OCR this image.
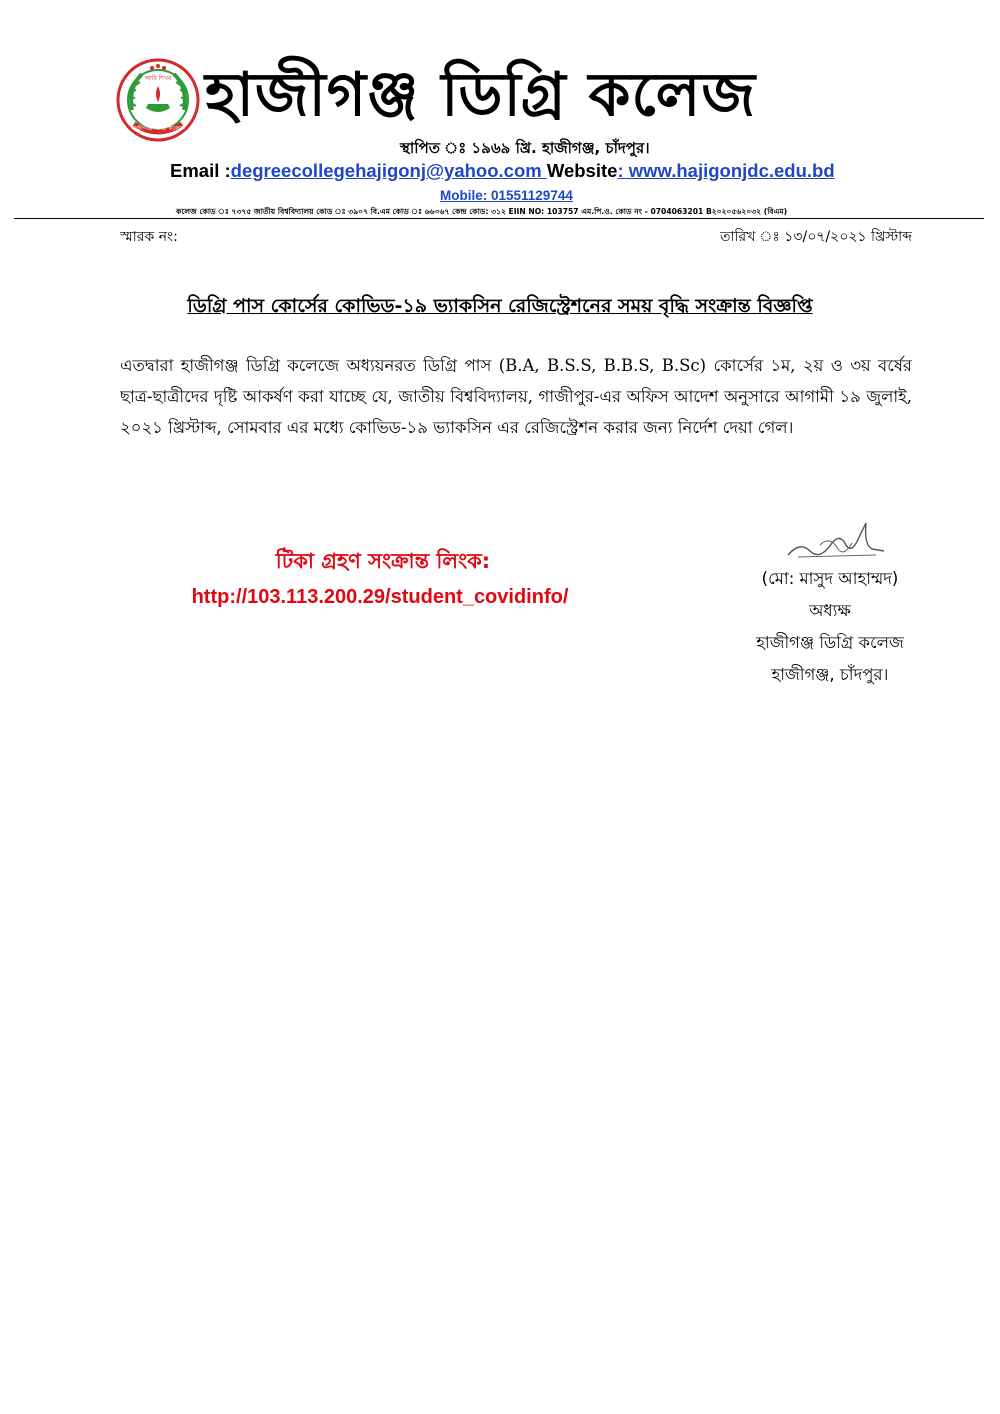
আমি শিখব
হাজীগঞ্জ ডিগ্রি কলেজ হাজীগঞ্জ ডিগ্রি কলেজ
স্থাপিত ঃ ১৯৬৯ খ্রি. হাজীগঞ্জ, চাঁদপুর।
Email :degreecollegehajigonj@yahoo.com Website: www.hajigonjdc.edu.bd
Mobile: 01551129744
কলেজ কোড ঃ ৭৩৭৫ জাতীয় বিশ্ববিদ্যালয় কোড ঃ ৩৯০৭ বি.এম কোড ঃ ৬৬০৬৭ কেন্দ্র কোড: ৩১২ EIIN NO: 103757 এম.পি.ও. কোড নং - 0704063201 B২০২০৫৬২০৩২ (বিএম)
স্মারক নং:	তারিখ ঃ ১৩/০৭/২০২১ খ্রিস্টাব্দ
ডিগ্রি পাস কোর্সের কোভিড-১৯ ভ্যাকসিন রেজিস্ট্রেশনের সময় বৃদ্ধি সংক্রান্ত বিজ্ঞপ্তি

এতদ্বারা হাজীগঞ্জ ডিগ্রি কলেজে অধ্যয়নরত ডিগ্রি পাস (B.A, B.S.S, B.B.S, B.Sc) কোর্সের ১ম, ২য় ও ৩য় বর্ষের ছাত্র-ছাত্রীদের দৃষ্টি আকর্ষণ করা যাচ্ছে যে, জাতীয় বিশ্ববিদ্যালয়, গাজীপুর-এর অফিস আদেশ অনুসারে আগামী ১৯ জুলাই, ২০২১ খ্রিস্টাব্দ, সোমবার এর মধ্যে কোভিড-১৯ ভ্যাকসিন এর রেজিস্ট্রেশন করার জন্য নির্দেশ দেয়া গেল।

টিকা গ্রহণ সংক্রান্ত লিংক:
http://103.113.200.29/student_covidinfo/
(মো: মাসুদ আহাম্মদ)
অধ্যক্ষ
হাজীগঞ্জ ডিগ্রি কলেজ
হাজীগঞ্জ, চাঁদপুর।
